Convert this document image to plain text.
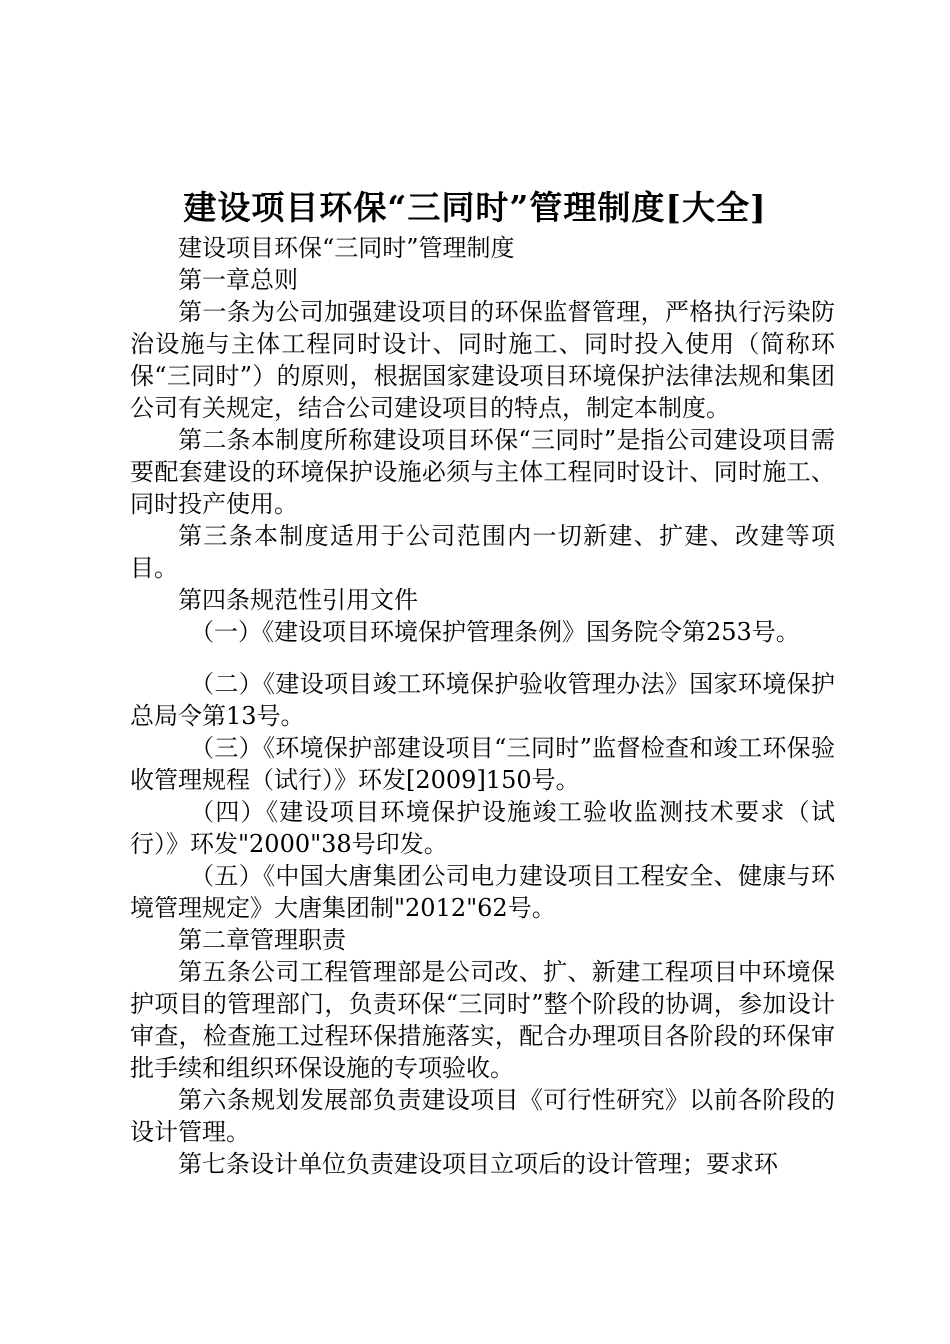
建设项目环保“三同时”管理制度[大全]

建设项目环保“三同时”管理制度

第一章总则

第一条为公司加强建设项目的环保监督管理，严格执行污染防治设施与主体工程同时设计、同时施工、同时投入使用（简称环保“三同时”）的原则，根据国家建设项目环境保护法律法规和集团公司有关规定，结合公司建设项目的特点，制定本制度。

第二条本制度所称建设项目环保“三同时”是指公司建设项目需要配套建设的环境保护设施必须与主体工程同时设计、同时施工、同时投产使用。

第三条本制度适用于公司范围内一切新建、扩建、改建等项目。

第四条规范性引用文件

（一）《建设项目环境保护管理条例》国务院令第253号。

（二）《建设项目竣工环境保护验收管理办法》国家环境保护总局令第13号。

（三）《环境保护部建设项目“三同时”监督检查和竣工环保验收管理规程（试行）》环发[2009]150号。

（四）《建设项目环境保护设施竣工验收监测技术要求（试行）》环发"2000"38号印发。

（五）《中国大唐集团公司电力建设项目工程安全、健康与环境管理规定》大唐集团制"2012"62号。

第二章管理职责

第五条公司工程管理部是公司改、扩、新建工程项目中环境保护项目的管理部门，负责环保“三同时”整个阶段的协调，参加设计审查，检查施工过程环保措施落实，配合办理项目各阶段的环保审批手续和组织环保设施的专项验收。

第六条规划发展部负责建设项目《可行性研究》以前各阶段的设计管理。

第七条设计单位负责建设项目立项后的设计管理；要求环
